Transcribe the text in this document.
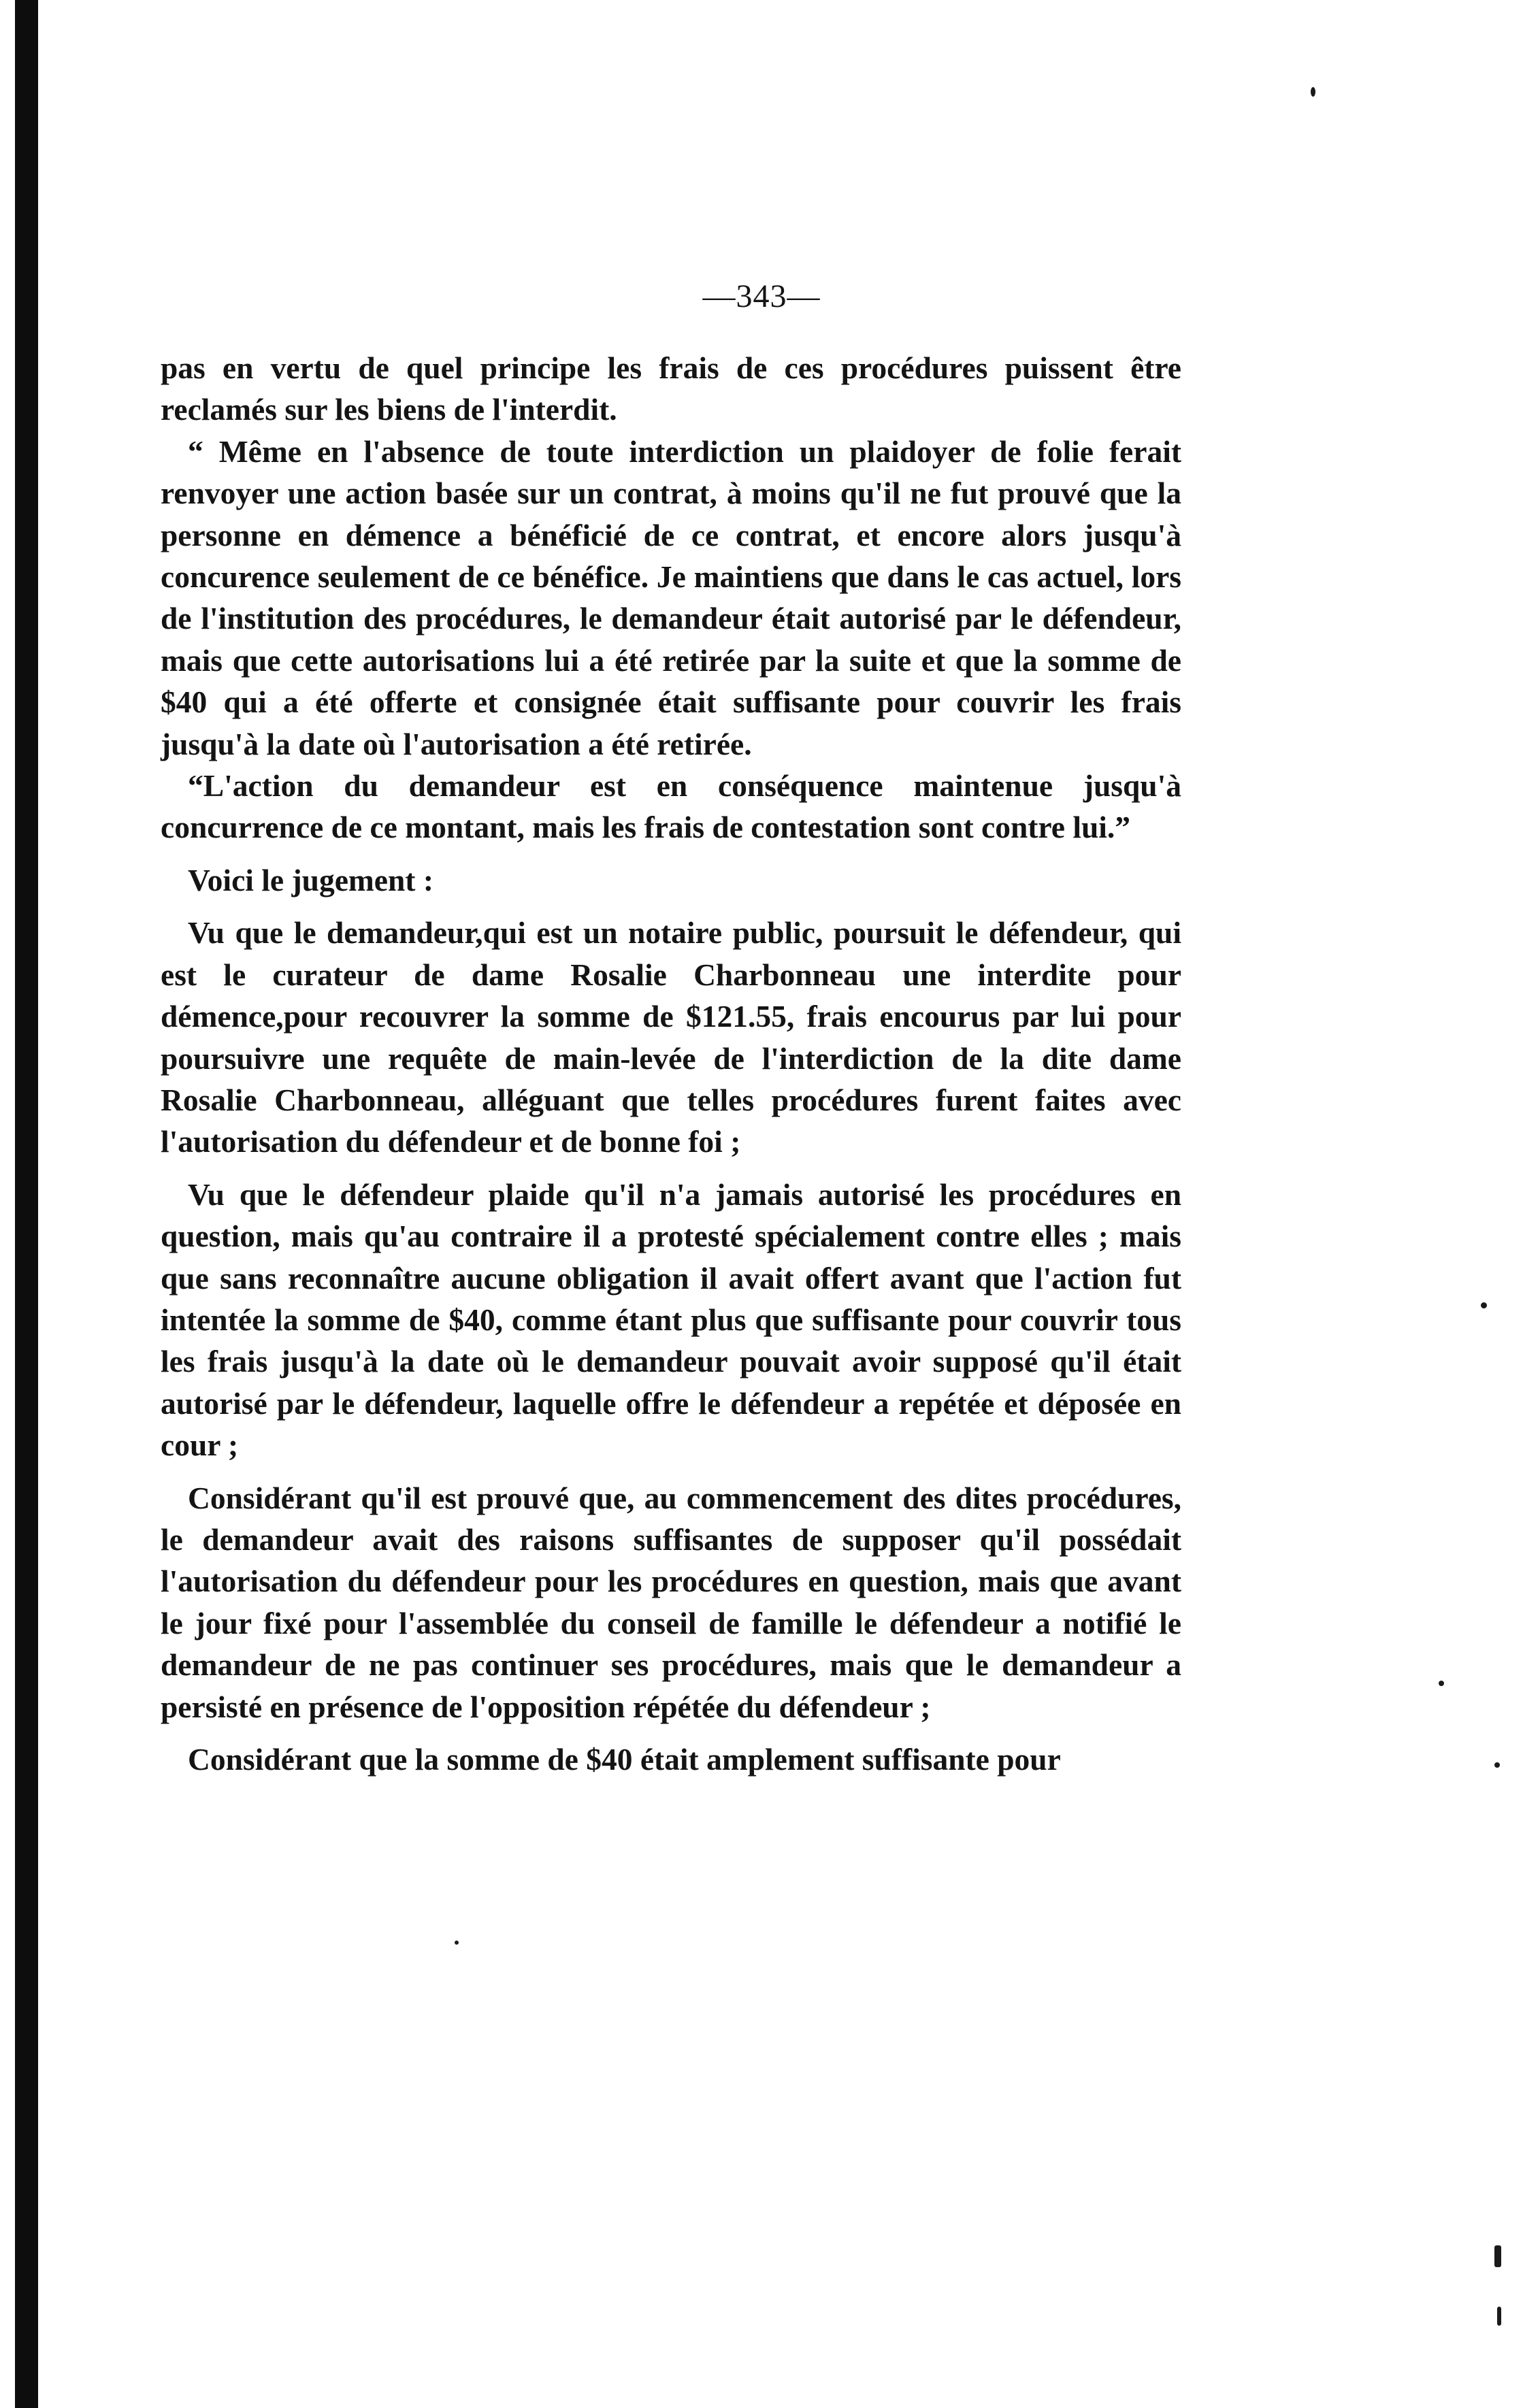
—343—

pas en vertu de quel principe les frais de ces procédures puissent être reclamés sur les biens de l'interdit.

“ Même en l'absence de toute interdiction un plaidoyer de folie ferait renvoyer une action basée sur un contrat, à moins qu'il ne fut prouvé que la personne en démence a bénéficié de ce contrat, et encore alors jusqu'à concurence seulement de ce bénéfice. Je maintiens que dans le cas actuel, lors de l'institution des procédures, le demandeur était autorisé par le défendeur, mais que cette autorisations lui a été retirée par la suite et que la somme de $40 qui a été offerte et consignée était suffisante pour couvrir les frais jusqu'à la date où l'autorisation a été retirée.

“L'action du demandeur est en conséquence maintenue jusqu'à concurrence de ce montant, mais les frais de contestation sont contre lui.”

Voici le jugement :

Vu que le demandeur,qui est un notaire public, poursuit le défendeur, qui est le curateur de dame Rosalie Charbonneau une interdite pour démence,pour recouvrer la somme de $121.55, frais encourus par lui pour poursuivre une requête de main-levée de l'interdiction de la dite dame Rosalie Charbonneau, alléguant que telles procédures furent faites avec l'autorisation du défendeur et de bonne foi ;

Vu que le défendeur plaide qu'il n'a jamais autorisé les procédures en question, mais qu'au contraire il a protesté spécialement contre elles ; mais que sans reconnaître aucune obligation il avait offert avant que l'action fut intentée la somme de $40, comme étant plus que suffisante pour couvrir tous les frais jusqu'à la date où le demandeur pouvait avoir supposé qu'il était autorisé par le défendeur, laquelle offre le défendeur a repétée et déposée en cour ;

Considérant qu'il est prouvé que, au commencement des dites procédures, le demandeur avait des raisons suffisantes de supposer qu'il possédait l'autorisation du défendeur pour les procédures en question, mais que avant le jour fixé pour l'assemblée du conseil de famille le défendeur a notifié le demandeur de ne pas continuer ses procédures, mais que le demandeur a persisté en présence de l'opposition répétée du défendeur ;

Considérant que la somme de $40 était amplement suffisante pour
